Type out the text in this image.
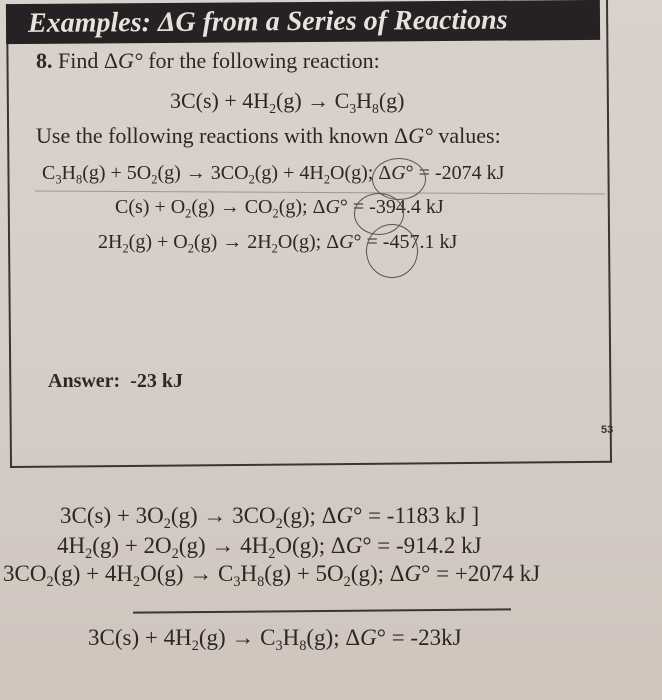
Examples: ΔG from a Series of Reactions
8. Find ΔG° for the following reaction:
$3C(s) + 4H_2(g) \to C_3H_8(g)$
Use the following reactions with known ΔG° values:
$C_3H_8(g) + 5O_2(g) \to 3CO_2(g) + 4H_2O(g)$; ΔG° = -2074 kJ
$C(s) + O_2(g) \to CO_2(g)$; ΔG° = -394.4 kJ
$2H_2(g) + O_2(g) \to 2H_2O(g)$; ΔG° = -457.1 kJ
Answer: -23 kJ
53
$3C(s) + 3O_2(g) \to 3CO_2(g)$; ΔG° = -1183 kJ ]
$4H_2(g) + 2O_2(g) \to 4H_2O(g)$; ΔG° = -914.2 kJ
$3CO_2(g) + 4H_2O(g) \to C_3H_8(g) + 5O_2(g)$; ΔG° = +2074 kJ
$3C(s) + 4H_2(g) \to C_3H_8(g)$; ΔG° = -23kJ
